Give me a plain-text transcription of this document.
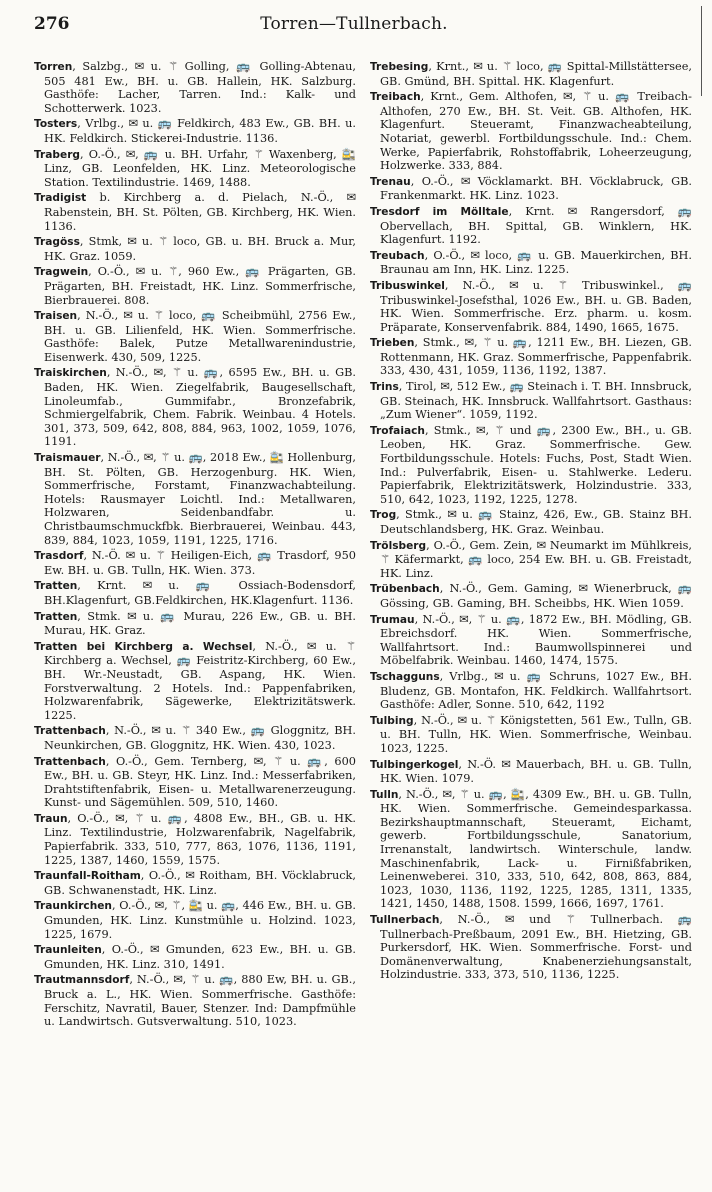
276	Torren—Tullnerbach.

Torren, Salzbg., ✉ u. ⚚ Golling, 🚌 Golling-Abtenau, 505 481 Ew., BH. u. GB. Hallein, HK. Salzburg. Gasthöfe: Lacher, Tarren. Ind.: Kalk- und Schotterwerk. 1023.

Tosters, Vrlbg., ✉ u. 🚌 Feldkirch, 483 Ew., GB. BH. u. HK. Feldkirch. Stickerei-Industrie. 1136.

Traberg, O.-Ö., ✉, 🚌 u. BH. Urfahr, ⚚ Waxenberg, 🚉 Linz, GB. Leonfelden, HK. Linz. Meteorologische Station. Textilindustrie. 1469, 1488.

Tradigist b. Kirchberg a. d. Pielach, N.-Ö., ✉ Rabenstein, BH. St. Pölten, GB. Kirchberg, HK. Wien. 1136.

Tragöss, Stmk, ✉ u. ⚚ loco, GB. u. BH. Bruck a. Mur, HK. Graz. 1059.

Tragwein, O.-Ö., ✉ u. ⚚, 960 Ew., 🚌 Prägarten, GB. Prägarten, BH. Freistadt, HK. Linz. Sommerfrische, Bierbrauerei. 808.

Traisen, N.-Ö., ✉ u. ⚚ loco, 🚌 Scheibmühl, 2756 Ew., BH. u. GB. Lilienfeld, HK. Wien. Sommerfrische. Gasthöfe: Balek, Putze Metallwarenindustrie, Eisenwerk. 430, 509, 1225.

Traiskirchen, N.-Ö., ✉, ⚚ u. 🚌, 6595 Ew., BH. u. GB. Baden, HK. Wien. Ziegelfabrik, Baugesellschaft, Linoleumfab., Gummifabr., Bronzefabrik, Schmiergelfabrik, Chem. Fabrik. Weinbau. 4 Hotels. 301, 373, 509, 642, 808, 884, 963, 1002, 1059, 1076, 1191.

Traismauer, N.-Ö., ✉, ⚚ u. 🚌, 2018 Ew., 🚉 Hollenburg, BH. St. Pölten, GB. Herzogenburg. HK. Wien, Sommerfrische, Forstamt, Finanzwachabteilung. Hotels: Rausmayer Loichtl. Ind.: Metallwaren, Holzwaren, Seidenbandfabr. u. Christbaumschmuckfbk. Bierbrauerei, Weinbau. 443, 839, 884, 1023, 1059, 1191, 1225, 1716.

Trasdorf, N.-Ö. ✉ u. ⚚ Heiligen-Eich, 🚌 Trasdorf, 950 Ew. BH. u. GB. Tulln, HK. Wien. 373.

Tratten, Krnt. ✉ u. 🚌 Ossiach-Bodensdorf, BH.Klagenfurt, GB.Feldkirchen, HK.Klagenfurt. 1136.

Tratten, Stmk. ✉ u. 🚌 Murau, 226 Ew., GB. u. BH. Murau, HK. Graz.

Tratten bei Kirchberg a. Wechsel, N.-Ö., ✉ u. ⚚ Kirchberg a. Wechsel, 🚌 Feistritz-Kirchberg, 60 Ew., BH. Wr.-Neustadt, GB. Aspang, HK. Wien. Forstverwaltung. 2 Hotels. Ind.: Pappenfabriken, Holzwarenfabrik, Sägewerke, Elektrizitätswerk. 1225.

Trattenbach, N.-Ö., ✉ u. ⚚ 340 Ew., 🚌 Gloggnitz, BH. Neunkirchen, GB. Gloggnitz, HK. Wien. 430, 1023.

Trattenbach, O.-Ö., Gem. Ternberg, ✉, ⚚ u. 🚌, 600 Ew., BH. u. GB. Steyr, HK. Linz. Ind.: Messerfabriken, Drahtstiftenfabrik, Eisen- u. Metallwarenerzeugung. Kunst- und Sägemühlen. 509, 510, 1460.

Traun, O.-Ö., ✉, ⚚ u. 🚌, 4808 Ew., BH., GB. u. HK. Linz. Textilindustrie, Holzwarenfabrik, Nagelfabrik, Papierfabrik. 333, 510, 777, 863, 1076, 1136, 1191, 1225, 1387, 1460, 1559, 1575.

Traunfall-Roitham, O.-Ö., ✉ Roitham, BH. Vöcklabruck, GB. Schwanenstadt, HK. Linz.

Traunkirchen, O.-Ö., ✉, ⚚, 🚉 u. 🚌, 446 Ew., BH. u. GB. Gmunden, HK. Linz. Kunstmühle u. Holzind. 1023, 1225, 1679.

Traunleiten, O.-Ö., ✉ Gmunden, 623 Ew., BH. u. GB. Gmunden, HK. Linz. 310, 1491.

Trautmannsdorf, N.-Ö., ✉, ⚚ u. 🚌, 880 Ew, BH. u. GB., Bruck a. L., HK. Wien. Sommerfrische. Gasthöfe: Ferschitz, Navratil, Bauer, Stenzer. Ind: Dampfmühle u. Landwirtsch. Gutsverwaltung. 510, 1023.

Trebesing, Krnt., ✉ u. ⚚ loco, 🚌 Spittal-Millstättersee, GB. Gmünd, BH. Spittal. HK. Klagenfurt.

Treibach, Krnt., Gem. Althofen, ✉, ⚚ u. 🚌 Treibach-Althofen, 270 Ew., BH. St. Veit. GB. Althofen, HK. Klagenfurt. Steueramt, Finanzwacheabteilung, Notariat, gewerbl. Fortbildungsschule. Ind.: Chem. Werke, Papierfabrik, Rohstoffabrik, Loheerzeugung, Holzwerke. 333, 884.

Trenau, O.-Ö., ✉ Vöcklamarkt. BH. Vöcklabruck, GB. Frankenmarkt. HK. Linz. 1023.

Tresdorf im Mölltale, Krnt. ✉ Rangersdorf, 🚌 Obervellach, BH. Spittal, GB. Winklern, HK. Klagenfurt. 1192.

Treubach, O.-Ö., ✉ loco, 🚌 u. GB. Mauerkirchen, BH. Braunau am Inn, HK. Linz. 1225.

Tribuswinkel, N.-Ö., ✉ u. ⚚ Tribuswinkel., 🚌 Tribuswinkel-Josefsthal, 1026 Ew., BH. u. GB. Baden, HK. Wien. Sommerfrische. Erz. pharm. u. kosm. Präparate, Konservenfabrik. 884, 1490, 1665, 1675.

Trieben, Stmk., ✉, ⚚ u. 🚌, 1211 Ew., BH. Liezen, GB. Rottenmann, HK. Graz. Sommerfrische, Pappenfabrik. 333, 430, 431, 1059, 1136, 1192, 1387.

Trins, Tirol, ✉, 512 Ew., 🚌 Steinach i. T. BH. Innsbruck, GB. Steinach, HK. Innsbruck. Wallfahrtsort. Gasthaus: „Zum Wiener“. 1059, 1192.

Trofaiach, Stmk., ✉, ⚚ und 🚌, 2300 Ew., BH., u. GB. Leoben, HK. Graz. Sommerfrische. Gew. Fortbildungsschule. Hotels: Fuchs, Post, Stadt Wien. Ind.: Pulverfabrik, Eisen- u. Stahlwerke. Lederu. Papierfabrik, Elektrizitätswerk, Holzindustrie. 333, 510, 642, 1023, 1192, 1225, 1278.

Trog, Stmk., ✉ u. 🚌 Stainz, 426, Ew., GB. Stainz BH. Deutschlandsberg, HK. Graz. Weinbau.

Trölsberg, O.-Ö., Gem. Zein, ✉ Neumarkt im Mühlkreis, ⚚ Käfermarkt, 🚌 loco, 254 Ew. BH. u. GB. Freistadt, HK. Linz.

Trübenbach, N.-Ö., Gem. Gaming, ✉ Wienerbruck, 🚌 Gössing, GB. Gaming, BH. Scheibbs, HK. Wien 1059.

Trumau, N.-Ö., ✉, ⚚ u. 🚌, 1872 Ew., BH. Mödling, GB. Ebreichsdorf. HK. Wien. Sommerfrische, Wallfahrtsort. Ind.: Baumwollspinnerei und Möbelfabrik. Weinbau. 1460, 1474, 1575.

Tschagguns, Vrlbg., ✉ u. 🚌 Schruns, 1027 Ew., BH. Bludenz, GB. Montafon, HK. Feldkirch. Wallfahrtsort. Gasthöfe: Adler, Sonne. 510, 642, 1192

Tulbing, N.-Ö., ✉ u. ⚚ Königstetten, 561 Ew., Tulln, GB. u. BH. Tulln, HK. Wien. Sommerfrische, Weinbau. 1023, 1225.

Tulbingerkogel, N.-Ö. ✉ Mauerbach, BH. u. GB. Tulln, HK. Wien. 1079.

Tulln, N.-Ö., ✉, ⚚ u. 🚌, 🚉, 4309 Ew., BH. u. GB. Tulln, HK. Wien. Sommerfrische. Gemeindesparkassa. Bezirkshauptmannschaft, Steueramt, Eichamt, gewerb. Fortbildungsschule, Sanatorium, Irrenanstalt, landwirtsch. Winterschule, landw. Maschinenfabrik, Lack- u. Firnißfabriken, Leinenweberei. 310, 333, 510, 642, 808, 863, 884, 1023, 1030, 1136, 1192, 1225, 1285, 1311, 1335, 1421, 1450, 1488, 1508. 1599, 1666, 1697, 1761.

Tullnerbach, N.-Ö., ✉ und ⚚ Tullnerbach. 🚌 Tullnerbach-Preßbaum, 2091 Ew., BH. Hietzing, GB. Purkersdorf, HK. Wien. Sommerfrische. Forst- und Domänenverwaltung, Knabenerziehungsanstalt, Holzindustrie. 333, 373, 510, 1136, 1225.
